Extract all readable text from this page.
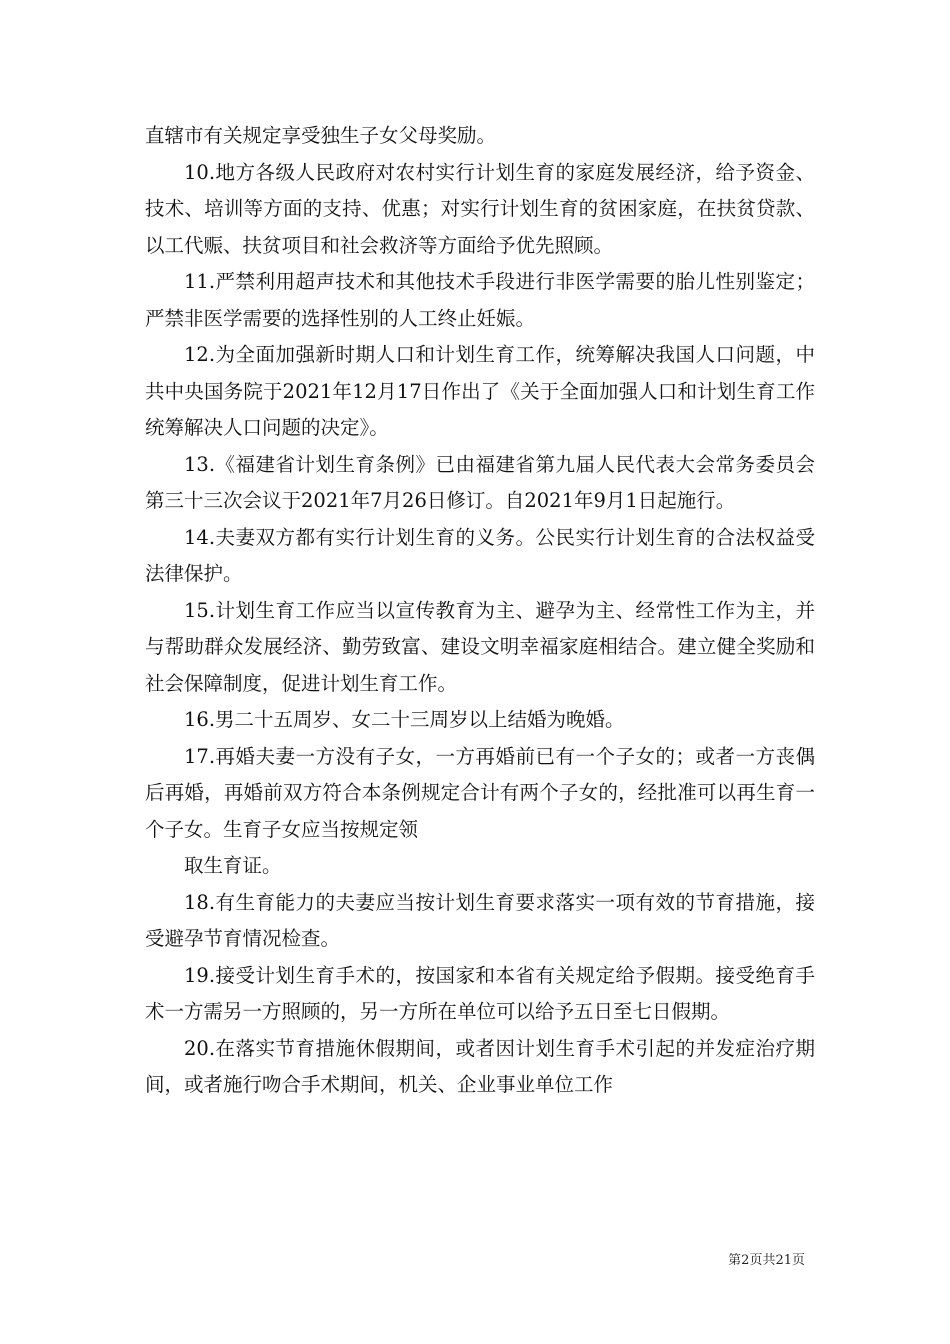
直辖市有关规定享受独生子女父母奖励。

10.地方各级人民政府对农村实行计划生育的家庭发展经济，给予资金、技术、培训等方面的支持、优惠；对实行计划生育的贫困家庭，在扶贫贷款、以工代赈、扶贫项目和社会救济等方面给予优先照顾。

11.严禁利用超声技术和其他技术手段进行非医学需要的胎儿性别鉴定；严禁非医学需要的选择性别的人工终止妊娠。

12.为全面加强新时期人口和计划生育工作，统筹解决我国人口问题，中共中央国务院于2021年12月17日作出了《关于全面加强人口和计划生育工作统筹解决人口问题的决定》。

13.《福建省计划生育条例》已由福建省第九届人民代表大会常务委员会第三十三次会议于2021年7月26日修订。自2021年9月1日起施行。

14.夫妻双方都有实行计划生育的义务。公民实行计划生育的合法权益受法律保护。

15.计划生育工作应当以宣传教育为主、避孕为主、经常性工作为主，并与帮助群众发展经济、勤劳致富、建设文明幸福家庭相结合。建立健全奖励和社会保障制度，促进计划生育工作。

16.男二十五周岁、女二十三周岁以上结婚为晚婚。

17.再婚夫妻一方没有子女，一方再婚前已有一个子女的；或者一方丧偶后再婚，再婚前双方符合本条例规定合计有两个子女的，经批准可以再生育一个子女。生育子女应当按规定领

取生育证。

18.有生育能力的夫妻应当按计划生育要求落实一项有效的节育措施，接受避孕节育情况检查。

19.接受计划生育手术的，按国家和本省有关规定给予假期。接受绝育手术一方需另一方照顾的，另一方所在单位可以给予五日至七日假期。

20.在落实节育措施休假期间，或者因计划生育手术引起的并发症治疗期间，或者施行吻合手术期间，机关、企业事业单位工作

第2页共21页
